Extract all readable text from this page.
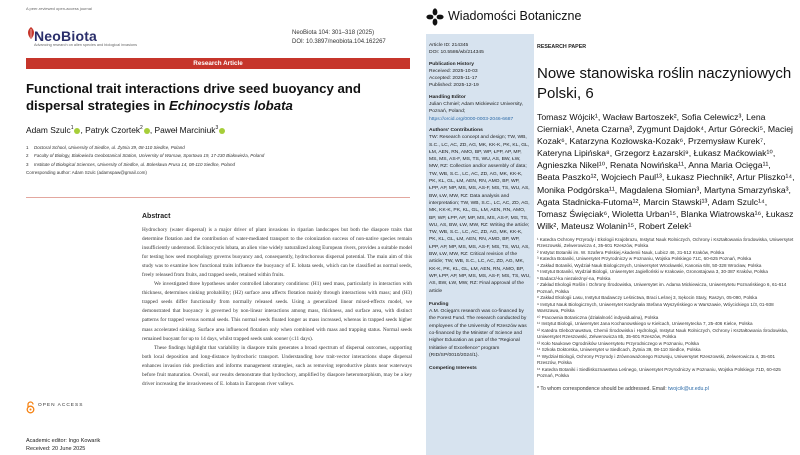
A peer-reviewed open-access journal
NeoBiota
Advancing research on alien species and biological invasions
NeoBiota 104: 301–318 (2025)
DOI: 10.3897/neobiota.104.162267
Research Article
Functional trait interactions drive seed buoyancy and dispersal strategies in Echinocystis lobata
Adam Szulc$^1$ , Patryk Czortek$^2$ , Paweł Marciniuk$^3$
1 Doctoral School, University of Siedlce, ul. Żytnia 39, 08-110 Siedlce, Poland
2 Faculty of Biology, Białowieża Geobotanical Station, University of Warsaw, Sportowa 19, 17-230 Białowieża, Poland
3 Institute of Biological Sciences, University of Siedlce, ul. Bolesława Prusa 14, 08-110 Siedlce, Poland
Corresponding author: Adam Szulc (adamspaw@gmail.com)
Abstract

Hydrochory (water dispersal) is a major driver of plant invasions in riparian landscapes but both the diaspore traits that determine flotation and the contribution of water-mediated transport to the colonization success of non-native species remain insufficiently understood. Echinocystis lobata, an alien vine widely naturalized along European rivers, provides a suitable model for testing how seed morphology governs buoyancy and, consequently, hydrochorous dispersal potential. The main aim of this study was to examine how functional traits influence the buoyancy of E. lobata seeds, which can be classified as normal seeds, freely released from fruits, and trapped seeds, retained within fruits.

We investigated three hypotheses under controlled laboratory conditions: (H1) seed mass, particularly in interaction with thickness, determines sinking probability; (H2) surface area affects flotation mainly through interactions with mass; and (H3) trapped seeds differ functionally from normally released seeds. Using a generalized linear mixed-effects model, we demonstrated that buoyancy is governed by non-linear interactions among mass, thickness, and surface area, with distinct patterns for trapped versus normal seeds. This normal seeds floated longer as mass increased, whereas in trapped seeds higher mass accelerated sinking. Surface area influenced flotation only when combined with mass and trapping status. Normal seeds remained buoyant for up to 14 days, whilst trapped seeds sank sooner (≤11 days).

These findings highlight that variability in diaspore traits generates a broad spectrum of dispersal outcomes, supporting both local deposition and long-distance hydrochoric transport. Understanding how trait-vector interactions shape dispersal enhances invasion risk prediction and informs management strategies, such as removing reproductive plants near waterways before fruit maturation. Overall, our results demonstrate that hydrochory, amplified by diaspore heteromorphism, may be a key driver increasing the invasiveness of E. lobata in European river valleys.

OPEN ACCESS
Academic editor: Ingo Kowarik
Received: 20 June 2025
Wiadomości Botaniczne
Article ID: 214345
DOI: 10.5586/wb/214345
Publication History
Received: 2025-10-03
Accepted: 2025-11-17
Published: 2025-12-19
Handling Editor
Julian Chmiel; Adam Mickiewicz University, Poznań, Poland;
https://orcid.org/0000-0003-2046-6687
Authors' Contributions
TW: Research concept and design; TW, WB, S.C., LC, AC, ZD, AG, MK, KK-K, PK, KL, GL, ŁM, AEN, RN, AMO, BP, WP, ŁPP, AP, MP, MS, MS, AS-F, MS, TS, WU, AS, BW, ŁW, MW, RZ: Collection and/or assembly of data; TW, WB, S.C., LC, AC, ZD, AG, MK, KK-K, PK, KL, GL, ŁM, AEN, RN, AMO, BP, WP, ŁPP, AP, MP, MS, MS, AS-F, MS, TS, WU, AS, BW, ŁW, MW, RZ: Data analysis and interpretation; TW, WB, S.C., LC, AC, ZD, AG, MK, KK-K, PK, KL, GL, ŁM, AEN, RN, AMO, BP, WP, ŁPP, AP, MP, MS, MS, AS-F, MS, TS, WU, AS, BW, ŁW, MW, RZ: Writing the article; TW, WB, S.C., LC, AC, ZD, AG, MK, KK-K, PK, KL, GL, ŁM, AEN, RN, AMO, BP, WP, ŁPP, AP, MP, MS, MS, AS-F, MS, TS, WU, AS, BW, ŁW, MW, RZ: Critical revision of the article; TW, WB, S.C., LC, AC, ZD, AG, MK, KK-K, PK, KL, GL, ŁM, AEN, RN, AMO, BP, WP, ŁPP, AP, MP, MS, MS, AS-F, MS, TS, WU, AS, BW, ŁW, MW, RZ: Final approval of the article
Funding
A.M. Ocięga's research was co-financed by the Forest Fund. The research conducted by employees of the University of Rzeszów was co-financed by the Minister of Science and Higher Education as part of the "Regional Initiative of Excellence" program (RID/SP/0010/2024/1).
Competing Interests

RESEARCH PAPER

Nowe stanowiska roślin naczyniowych Polski, 6

Tomasz Wójcik¹, Wacław Bartoszek², Sofia Celewicz³, Lena Cierniak¹, Aneta Czarna³, Zygmunt Dajdok⁴, Artur Górecki⁵, Maciej Kozak⁶, Katarzyna Kozłowska-Kozak⁶, Przemysław Kurek⁷, Kateryna Lipińska⁸, Grzegorz Łazarski⁹, Łukasz Maćkowiak¹⁰, Agnieszka Nikel¹⁰, Renata Nowińska¹¹, Anna Maria Ocięga¹¹, Beata Paszko¹², Wojciech Paul¹³, Łukasz Piechnik², Artur Pliszko¹⁴, Monika Podgórska¹¹, Magdalena Słomian³, Martyna Smarzyńska³, Agata Stadnicka-Futoma¹², Marcin Stawski¹³, Adam Szulc¹⁴, Tomasz Święciak⁶, Wioletta Urban¹⁵, Blanka Wiatrowska¹⁶, Łukasz Wilk², Mateusz Wolanin¹⁵, Robert Zelek¹

¹ Katedra Ochrony Przyrody i Ekologii Krajobrazu, Instytut Nauk Rolniczych, Ochrony i Kształtowania Środowiska, Uniwersytet Rzeszowski, Zelwerowicza 4, 35-601 Rzeszów, Polska

² Instytut Botaniki im. W. Szafera Polskiej Akademii Nauk, Lubicz 46, 31-512 Kraków, Polska

³ Katedra Botaniki, Uniwersytet Przyrodniczy w Poznaniu, Wojska Polskiego 71C, 60-625 Poznań, Polska

⁴ Zakład Botaniki, Wydział Nauk Biologicznych, Uniwersytet Wrocławski, Kanonia 6/8, 50-328 Wrocław, Polska

⁵ Instytut Botaniki, Wydział Biologii, Uniwersytet Jagielloński w Krakowie, Gronostajowa 3, 30-387 Kraków, Polska

⁶ Badacz/-ka niezależny/-na, Polska

⁷ Zakład Ekologii Roślin i Ochrony Środowiska, Uniwersytet im. Adama Mickiewicza, Uniwersytetu Poznańskiego 6, 61-614 Poznań, Polska

⁸ Zakład Ekologii Lasu, Instytut Badawczy Leśnictwa, Braci Leśnej 3, Sękocin Stary, Raszyn, 05-090, Polska

⁹ Instytut Nauk Biologicznych, Uniwersytet Kardynała Stefana Wyszyńskiego w Warszawie, Wóycickiego 1/3, 01-938 Warszawa, Polska

¹⁰ Pracownia Botaniczna (działalność indywidualna), Polska

¹¹ Instytut Biologii, Uniwersytet Jana Kochanowskiego w Kielcach, Uniwersytecka 7, 25-406 Kielce, Polska

¹² Katedra Gleboznawstwa, Chemii Środowiska i Hydrologii, Instytut Nauk Rolniczych, Ochrony i Kształtowania Środowiska, Uniwersytet Rzeszowski, Zelwerowicza 8b, 35-601 Rzeszów, Polska

¹³ Koło Naukowe Ogrodników Uniwersytetu Przyrodniczego w Poznaniu, Polska

¹⁴ Szkoła Doktorska, Uniwersytet w Siedlcach, Żytnia 39, 08-110 Siedlce, Polska

¹⁵ Wydział Biologii, Ochrony Przyrody i Zrównoważonego Rozwoju, Uniwersytet Rzeszowski, Zelwerowicza 4, 35-601 Rzeszów, Polska

¹⁶ Katedra Botaniki i Siedliskoznawstwa Leśnego, Uniwersytet Przyrodniczy w Poznaniu, Wojska Polskiego 71D, 60-625 Poznań, Polska

* To whom correspondence should be addressed. Email: twojcik@ur.edu.pl
